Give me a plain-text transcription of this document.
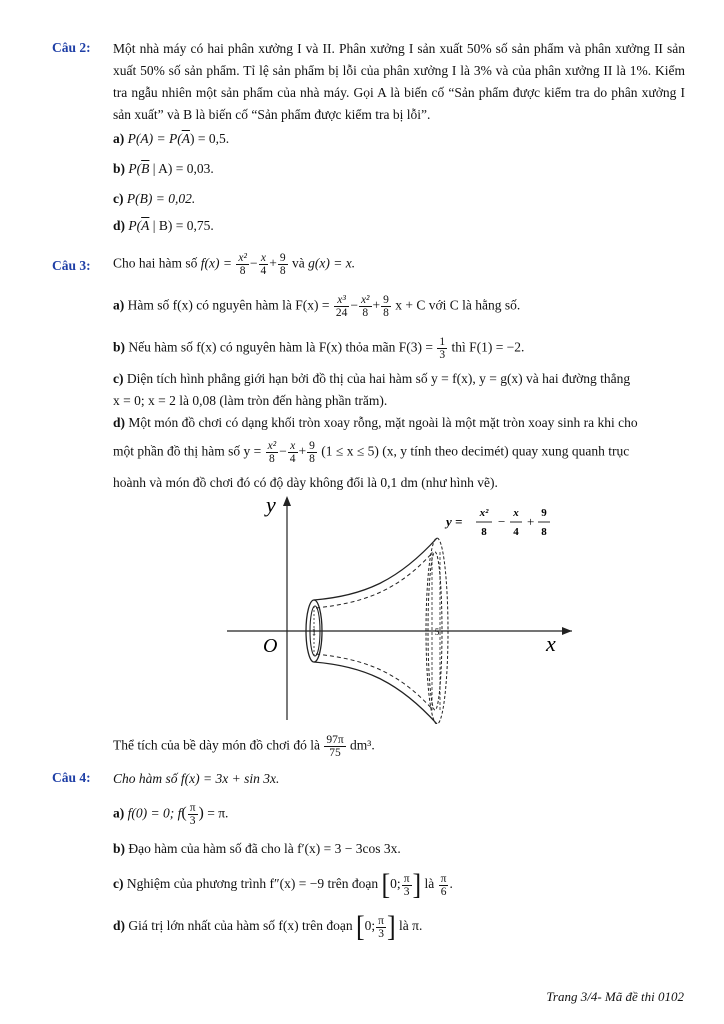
Câu 2: Một nhà máy có hai phân xưởng I và II. Phân xưởng I sản xuất 50% số sản phẩm và phân xưởng II sản xuất 50% số sản phẩm. Tỉ lệ sản phẩm bị lỗi của phân xưởng I là 3% và của phân xưởng II là 1%. Kiểm tra ngẫu nhiên một sản phẩm của nhà máy. Gọi A là biến cố “Sản phẩm được kiểm tra do phân xưởng I sản xuất” và B là biến cố “Sản phẩm được kiểm tra bị lỗi”.
a) $P(A) = P(\overline{A}) = 0,5$.
b) $P(\overline{B}$ | A) = 0,03.
c) P(B) = 0,02.
d) $P(\overline{A}$ | B) = 0,75.
Câu 3: Cho hai hàm số $f(x) = \frac{\text{x²}}{8} - \frac{x}{4} + \frac{9}{8}$ và g(x) = x.
a) Hàm số f(x) có nguyên hàm là $F(x) = \frac{\text{x³}}{24} - \frac{\text{x²}}{8} + \frac{9}{8}$ x + C với C là hằng số.
b) Nếu hàm số f(x) có nguyên hàm là F(x) thỏa mãn $F(3) = \frac{1}{3}$ thì F(1) = −2.
c) Diện tích hình phẳng giới hạn bởi đồ thị của hai hàm số y = f(x), y = g(x) và hai đường thẳng
x = 0; x = 2 là 0,08 (làm tròn đến hàng phần trăm).
d) Một món đồ chơi có dạng khối tròn xoay rỗng, mặt ngoài là một mặt tròn xoay sinh ra khi cho
một phần đồ thị hàm số $y = \frac{\text{x²}}{8} - \frac{x}{4} + \frac{9}{8} (1 \le x \le 5)$ (x, y tính theo decimét) quay xung quanh trục
hoành và món đồ chơi đó có độ dày không đổi là 0,1 dm (như hình vẽ).
y
x
O
1	5
y =
x²
8
−
x
4
+
9
8
Thể tích của bề dày món đồ chơi đó là $\frac{97\pi}{75} dm^3$.
Câu 4: Cho hàm số f(x) = 3x + sin 3x.
a) f(0) = 0; $f( \frac{\pi}{3}$ ) = π.
b) Đạo hàm của hàm số đã cho là f′(x) = 3 − 3cos 3x.
c) Nghiệm của phương trình f″(x) = −9 trên đoạn [0; $\frac{\pi}{3}$ ] là $\frac{\pi}{6}$ .
d) Giá trị lớn nhất của hàm số f(x) trên đoạn [0; $\frac{\pi}{3}$ ] là π.
Trang 3/4- Mã đề thi 0102
